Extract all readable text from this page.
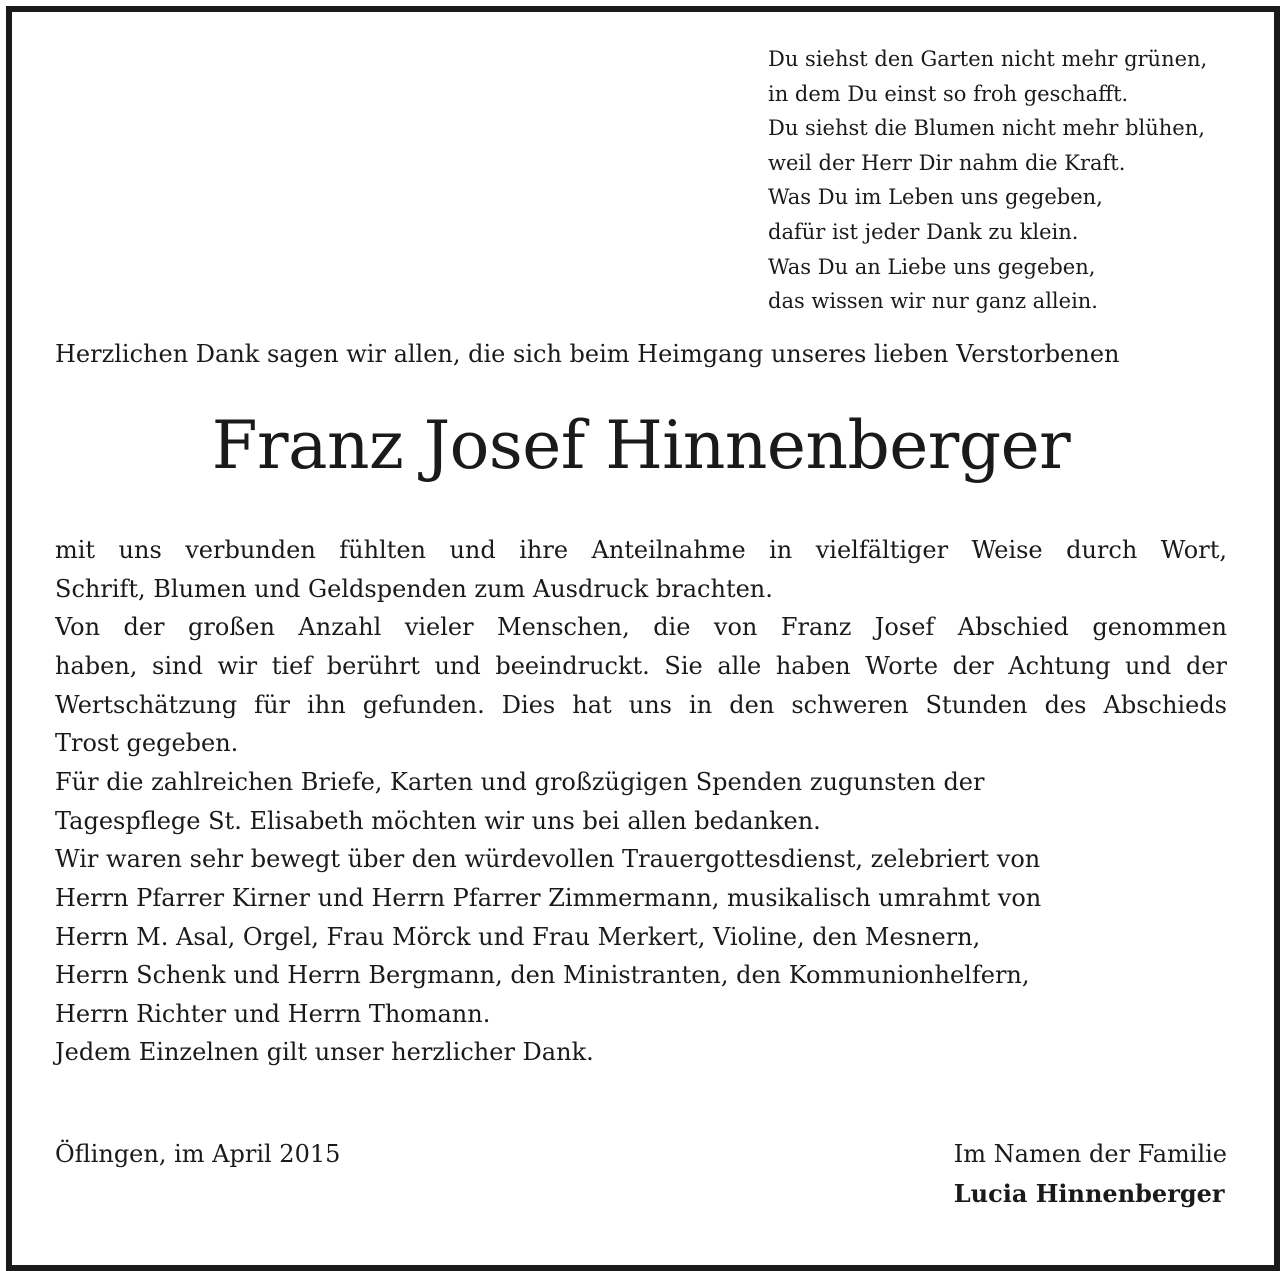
Du siehst den Garten nicht mehr grünen,
in dem Du einst so froh geschafft.
Du siehst die Blumen nicht mehr blühen,
weil der Herr Dir nahm die Kraft.
Was Du im Leben uns gegeben,
dafür ist jeder Dank zu klein.
Was Du an Liebe uns gegeben,
das wissen wir nur ganz allein.
Herzlichen Dank sagen wir allen, die sich beim Heimgang unseres lieben Verstorbenen
Franz Josef Hinnenberger
mit uns verbunden fühlten und ihre Anteilnahme in vielfältiger Weise durch Wort,
Schrift, Blumen und Geldspenden zum Ausdruck brachten.
Von der großen Anzahl vieler Menschen, die von Franz Josef Abschied genommen
haben, sind wir tief berührt und beeindruckt. Sie alle haben Worte der Achtung und der
Wertschätzung für ihn gefunden. Dies hat uns in den schweren Stunden des Abschieds
Trost gegeben.
Für die zahlreichen Briefe, Karten und großzügigen Spenden zugunsten der
Tagespflege St. Elisabeth möchten wir uns bei allen bedanken.
Wir waren sehr bewegt über den würdevollen Trauergottesdienst, zelebriert von
Herrn Pfarrer Kirner und Herrn Pfarrer Zimmermann, musikalisch umrahmt von
Herrn M. Asal, Orgel, Frau Mörck und Frau Merkert, Violine, den Mesnern,
Herrn Schenk und Herrn Bergmann, den Ministranten, den Kommunionhelfern,
Herrn Richter und Herrn Thomann.
Jedem Einzelnen gilt unser herzlicher Dank.
Öflingen, im April 2015	Im Namen der Familie
Lucia Hinnenberger
